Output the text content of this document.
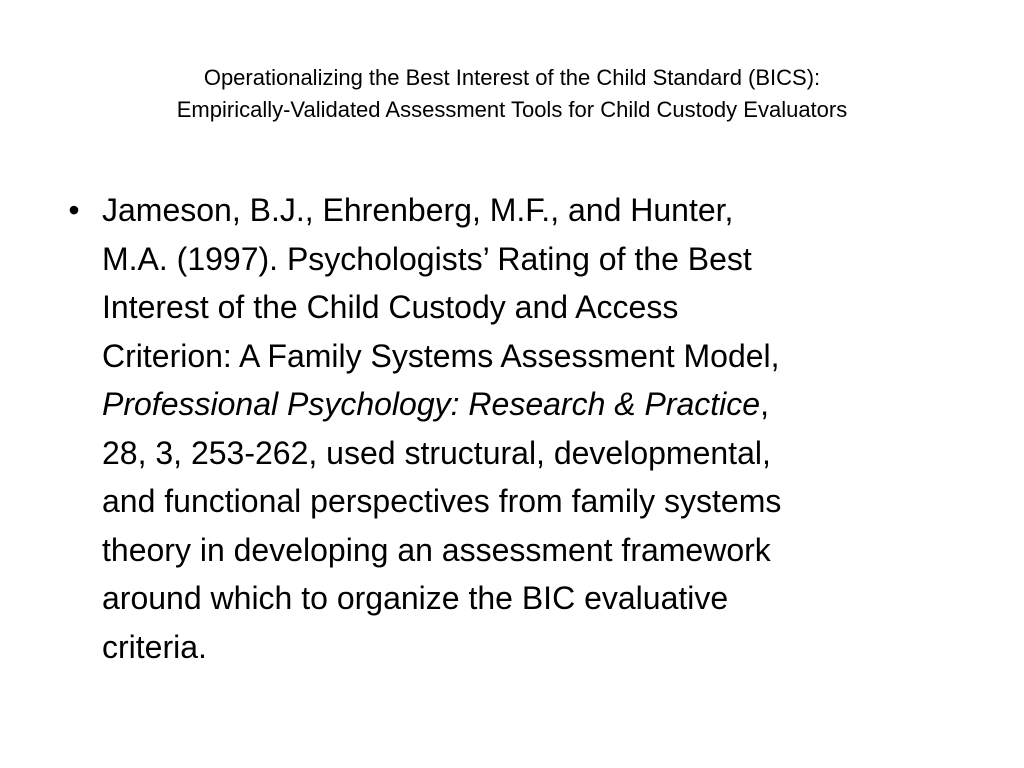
Operationalizing the Best Interest of the Child Standard (BICS):
Empirically-Validated Assessment Tools for Child Custody Evaluators
• Jameson, B.J., Ehrenberg, M.F., and Hunter,
M.A. (1997). Psychologists’ Rating of the Best
Interest of the Child Custody and Access
Criterion: A Family Systems Assessment Model,
Professional Psychology: Research & Practice,
28, 3, 253-262, used structural, developmental,
and functional perspectives from family systems
theory in developing an assessment framework
around which to organize the BIC evaluative
criteria.
